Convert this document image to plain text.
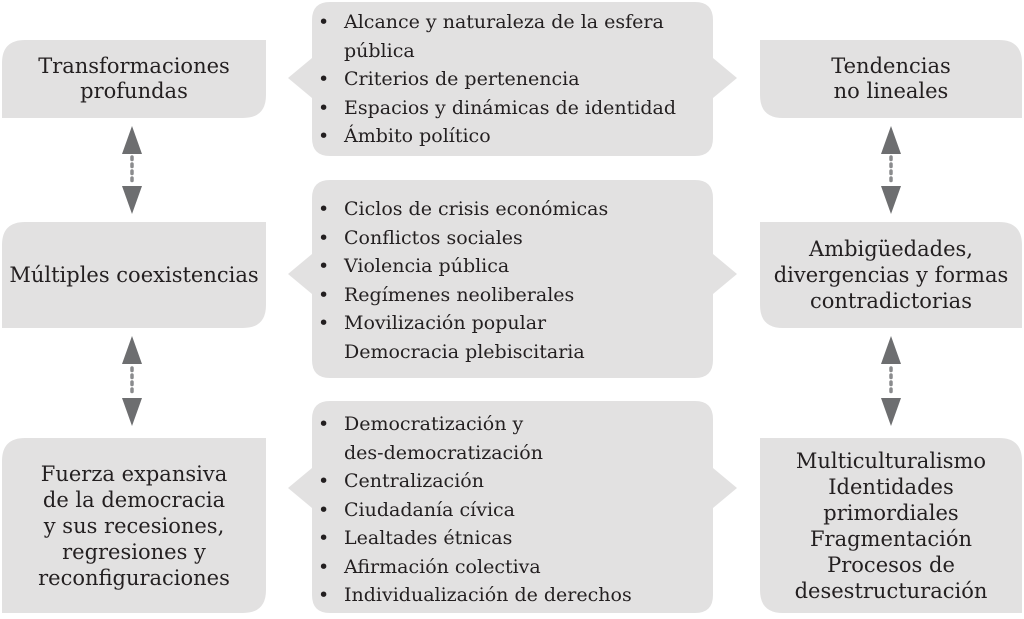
Transformaciones
profundas
Múltiples coexistencias
Fuerza expansiva
de la democracia
y sus recesiones,
regresiones y
reconfiguraciones
Tendencias
no lineales
Ambigüedades,
divergencias y formas
contradictorias
Multiculturalismo
Identidades
primordiales
Fragmentación
Procesos de
desestructuración
• Alcance y naturaleza de la esfera
pública
• Criterios de pertenencia
• Espacios y dinámicas de identidad
• Ámbito político
• Ciclos de crisis económicas
• Conflictos sociales
• Violencia pública
• Regímenes neoliberales
• Movilización popular
Democracia plebiscitaria
• Democratización y
des-democratización
• Centralización
• Ciudadanía cívica
• Lealtades étnicas
• Afirmación colectiva
• Individualización de derechos
